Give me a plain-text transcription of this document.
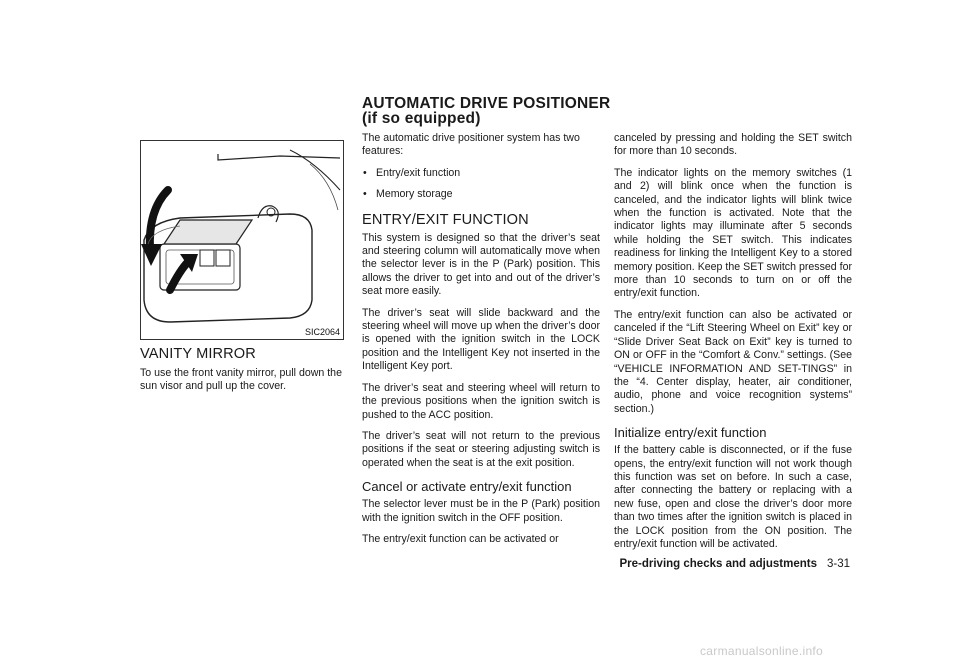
SIC2064
VANITY MIRROR

To use the front vanity mirror, pull down the sun visor and pull up the cover.

AUTOMATIC DRIVE POSITIONER (if so equipped)

The automatic drive positioner system has two features:

• Entry/exit function
• Memory storage
ENTRY/EXIT FUNCTION

This system is designed so that the driver’s seat and steering column will automatically move when the selector lever is in the P (Park) position. This allows the driver to get into and out of the driver’s seat more easily.

The driver’s seat will slide backward and the steering wheel will move up when the driver’s door is opened with the ignition switch in the LOCK position and the Intelligent Key not inserted in the Intelligent Key port.

The driver’s seat and steering wheel will return to the previous positions when the ignition switch is pushed to the ACC position.

The driver’s seat will not return to the previous positions if the seat or steering adjusting switch is operated when the seat is at the exit position.

Cancel or activate entry/exit function

The selector lever must be in the P (Park) position with the ignition switch in the OFF position.

The entry/exit function can be activated or

canceled by pressing and holding the SET switch for more than 10 seconds.

The indicator lights on the memory switches (1 and 2) will blink once when the function is canceled, and the indicator lights will blink twice when the function is activated. Note that the indicator lights may illuminate after 5 seconds while holding the SET switch. This indicates readiness for linking the Intelligent Key to a stored memory position. Keep the SET switch pressed for more than 10 seconds to turn on or off the entry/exit function.

The entry/exit function can also be activated or canceled if the “Lift Steering Wheel on Exit” key or “Slide Driver Seat Back on Exit” key is turned to ON or OFF in the “Comfort & Conv.” settings. (See “VEHICLE INFORMATION AND SET-TINGS” in the “4. Center display, heater, air conditioner, audio, phone and voice recognition systems” section.)

Initialize entry/exit function

If the battery cable is disconnected, or if the fuse opens, the entry/exit function will not work though this function was set on before. In such a case, after connecting the battery or replacing with a new fuse, open and close the driver’s door more than two times after the ignition switch is placed in the LOCK position from the ON position. The entry/exit function will be activated.

Pre-driving checks and adjustments 3-31
carmanualsonline.info
